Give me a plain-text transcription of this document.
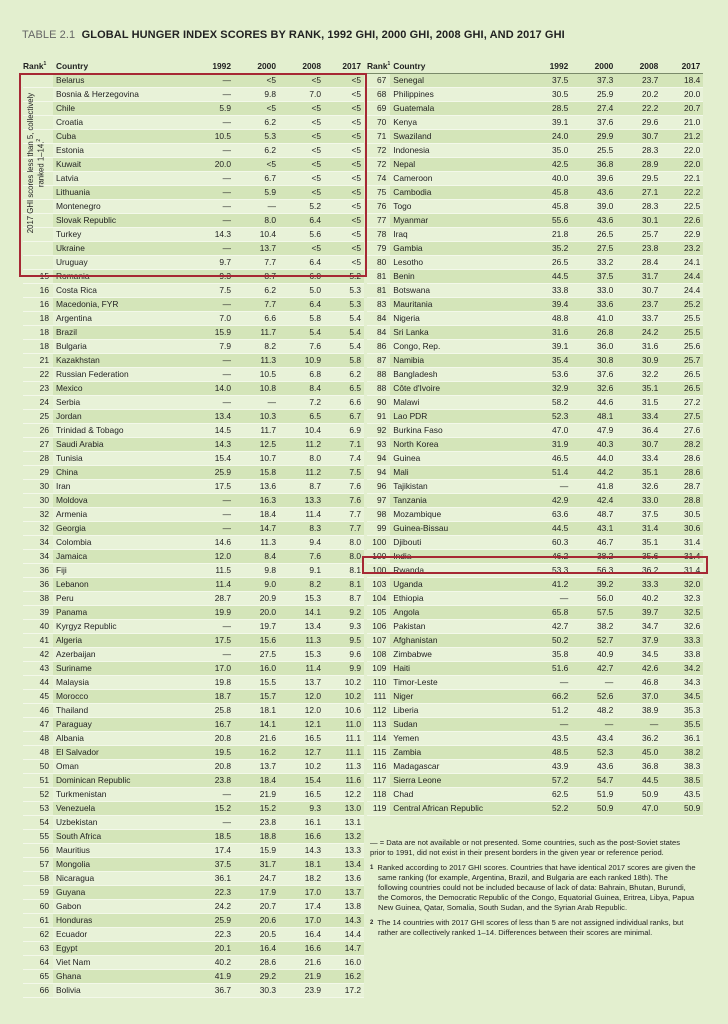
TABLE 2.1 GLOBAL HUNGER INDEX SCORES BY RANK, 1992 GHI, 2000 GHI, 2008 GHI, AND 2017 GHI
Rank$^1$	Country	1992	2000	2008	2017
	Belarus	—	<5	<5	<5
	Bosnia & Herzegovina	—	9.8	7.0	<5
	Chile	5.9	<5	<5	<5
	Croatia	—	6.2	<5	<5
	Cuba	10.5	5.3	<5	<5
	Estonia	—	6.2	<5	<5
	Kuwait	20.0	<5	<5	<5
	Latvia	—	6.7	<5	<5
	Lithuania	—	5.9	<5	<5
	Montenegro	—	—	5.2	<5
	Slovak Republic	—	8.0	6.4	<5
	Turkey	14.3	10.4	5.6	<5
	Ukraine	—	13.7	<5	<5
	Uruguay	9.7	7.7	6.4	<5
15	Romania	9.3	8.7	6.0	5.2
16	Costa Rica	7.5	6.2	5.0	5.3
16	Macedonia, FYR	—	7.7	6.4	5.3
18	Argentina	7.0	6.6	5.8	5.4
18	Brazil	15.9	11.7	5.4	5.4
18	Bulgaria	7.9	8.2	7.6	5.4
21	Kazakhstan	—	11.3	10.9	5.8
22	Russian Federation	—	10.5	6.8	6.2
23	Mexico	14.0	10.8	8.4	6.5
24	Serbia	—	—	7.2	6.6
25	Jordan	13.4	10.3	6.5	6.7
26	Trinidad & Tobago	14.5	11.7	10.4	6.9
27	Saudi Arabia	14.3	12.5	11.2	7.1
28	Tunisia	15.4	10.7	8.0	7.4
29	China	25.9	15.8	11.2	7.5
30	Iran	17.5	13.6	8.7	7.6
30	Moldova	—	16.3	13.3	7.6
32	Armenia	—	18.4	11.4	7.7
32	Georgia	—	14.7	8.3	7.7
34	Colombia	14.6	11.3	9.4	8.0
34	Jamaica	12.0	8.4	7.6	8.0
36	Fiji	11.5	9.8	9.1	8.1
36	Lebanon	11.4	9.0	8.2	8.1
38	Peru	28.7	20.9	15.3	8.7
39	Panama	19.9	20.0	14.1	9.2
40	Kyrgyz Republic	—	19.7	13.4	9.3
41	Algeria	17.5	15.6	11.3	9.5
42	Azerbaijan	—	27.5	15.3	9.6
43	Suriname	17.0	16.0	11.4	9.9
44	Malaysia	19.8	15.5	13.7	10.2
45	Morocco	18.7	15.7	12.0	10.2
46	Thailand	25.8	18.1	12.0	10.6
47	Paraguay	16.7	14.1	12.1	11.0
48	Albania	20.8	21.6	16.5	11.1
48	El Salvador	19.5	16.2	12.7	11.1
50	Oman	20.8	13.7	10.2	11.3
51	Dominican Republic	23.8	18.4	15.4	11.6
52	Turkmenistan	—	21.9	16.5	12.2
53	Venezuela	15.2	15.2	9.3	13.0
54	Uzbekistan	—	23.8	16.1	13.1
55	South Africa	18.5	18.8	16.6	13.2
56	Mauritius	17.4	15.9	14.3	13.3
57	Mongolia	37.5	31.7	18.1	13.4
58	Nicaragua	36.1	24.7	18.2	13.6
59	Guyana	22.3	17.9	17.0	13.7
60	Gabon	24.2	20.7	17.4	13.8
61	Honduras	25.9	20.6	17.0	14.3
62	Ecuador	22.3	20.5	16.4	14.4
63	Egypt	20.1	16.4	16.6	14.7
64	Viet Nam	40.2	28.6	21.6	16.0
65	Ghana	41.9	29.2	21.9	16.2
66	Bolivia	36.7	30.3	23.9	17.2
Rank$^1$	Country	1992	2000	2008	2017
67	Senegal	37.5	37.3	23.7	18.4
68	Philippines	30.5	25.9	20.2	20.0
69	Guatemala	28.5	27.4	22.2	20.7
70	Kenya	39.1	37.6	29.6	21.0
71	Swaziland	24.0	29.9	30.7	21.2
72	Indonesia	35.0	25.5	28.3	22.0
72	Nepal	42.5	36.8	28.9	22.0
74	Cameroon	40.0	39.6	29.5	22.1
75	Cambodia	45.8	43.6	27.1	22.2
76	Togo	45.8	39.0	28.3	22.5
77	Myanmar	55.6	43.6	30.1	22.6
78	Iraq	21.8	26.5	25.7	22.9
79	Gambia	35.2	27.5	23.8	23.2
80	Lesotho	26.5	33.2	28.4	24.1
81	Benin	44.5	37.5	31.7	24.4
81	Botswana	33.8	33.0	30.7	24.4
83	Mauritania	39.4	33.6	23.7	25.2
84	Nigeria	48.8	41.0	33.7	25.5
84	Sri Lanka	31.6	26.8	24.2	25.5
86	Congo, Rep.	39.1	36.0	31.6	25.6
87	Namibia	35.4	30.8	30.9	25.7
88	Bangladesh	53.6	37.6	32.2	26.5
88	Côte d'Ivoire	32.9	32.6	35.1	26.5
90	Malawi	58.2	44.6	31.5	27.2
91	Lao PDR	52.3	48.1	33.4	27.5
92	Burkina Faso	47.0	47.9	36.4	27.6
93	North Korea	31.9	40.3	30.7	28.2
94	Guinea	46.5	44.0	33.4	28.6
94	Mali	51.4	44.2	35.1	28.6
96	Tajikistan	—	41.8	32.6	28.7
97	Tanzania	42.9	42.4	33.0	28.8
98	Mozambique	63.6	48.7	37.5	30.5
99	Guinea-Bissau	44.5	43.1	31.4	30.6
100	Djibouti	60.3	46.7	35.1	31.4
100	India	46.2	38.2	35.6	31.4
100	Rwanda	53.3	56.3	36.2	31.4
103	Uganda	41.2	39.2	33.3	32.0
104	Ethiopia	—	56.0	40.2	32.3
105	Angola	65.8	57.5	39.7	32.5
106	Pakistan	42.7	38.2	34.7	32.6
107	Afghanistan	50.2	52.7	37.9	33.3
108	Zimbabwe	35.8	40.9	34.5	33.8
109	Haiti	51.6	42.7	42.6	34.2
110	Timor-Leste	—	—	46.8	34.3
111	Niger	66.2	52.6	37.0	34.5
112	Liberia	51.2	48.2	38.9	35.3
113	Sudan	—	—	—	35.5
114	Yemen	43.5	43.4	36.2	36.1
115	Zambia	48.5	52.3	45.0	38.2
116	Madagascar	43.9	43.6	36.8	38.3
117	Sierra Leone	57.2	54.7	44.5	38.5
118	Chad	62.5	51.9	50.9	43.5
119	Central African Republic	52.2	50.9	47.0	50.9
2017 GHI scores less than 5, collectively ranked 1–14.$^2$

— = Data are not available or not presented. Some countries, such as the post-Soviet states prior to 1991, did not exist in their present borders in the given year or reference period.

$^1$ Ranked according to 2017 GHI scores. Countries that have identical 2017 scores are given the same ranking (for example, Argentina, Brazil, and Bulgaria are each ranked 18th). The following countries could not be included because of lack of data: Bahrain, Bhutan, Burundi, the Comoros, the Democratic Republic of the Congo, Equatorial Guinea, Eritrea, Libya, Papua New Guinea, Qatar, Somalia, South Sudan, and the Syrian Arab Republic.

$^2$ The 14 countries with 2017 GHI scores of less than 5 are not assigned individual ranks, but rather are collectively ranked 1–14. Differences between their scores are minimal.
